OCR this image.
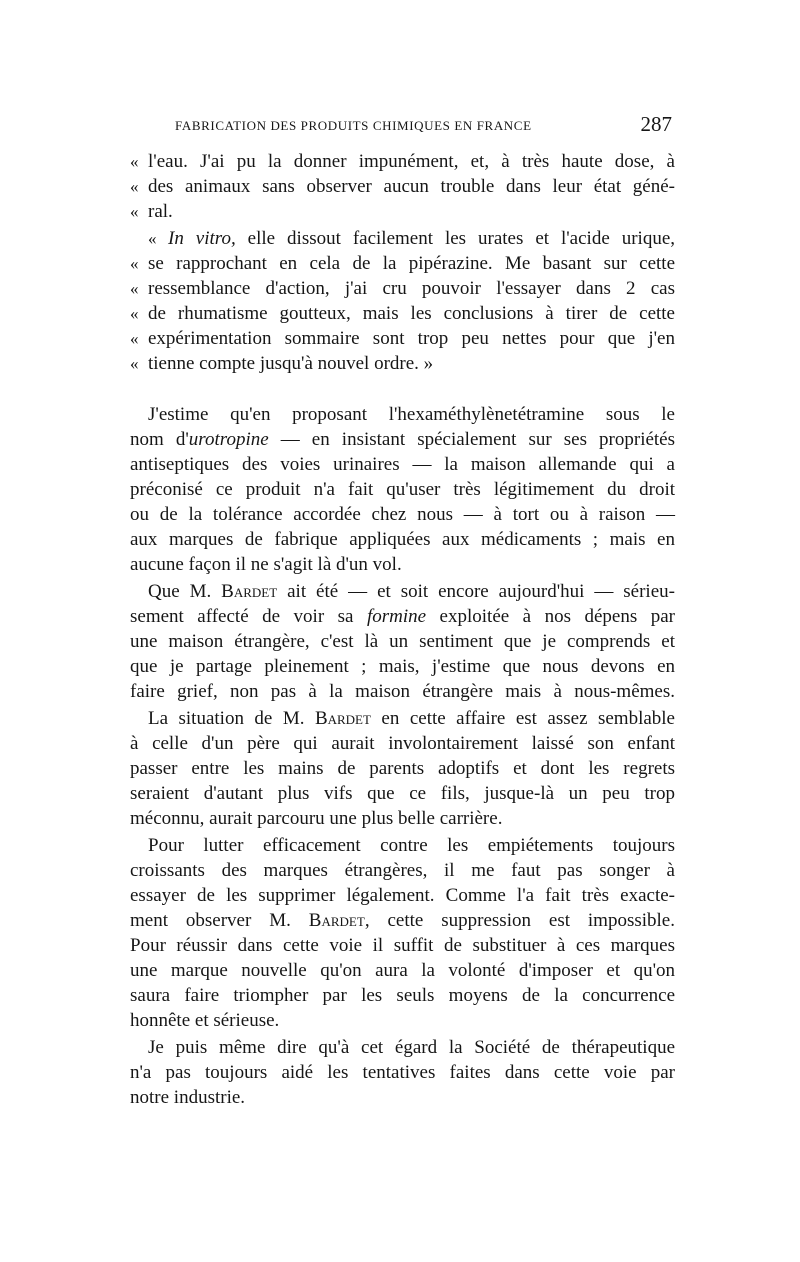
FABRICATION DES PRODUITS CHIMIQUES EN FRANCE	287
« l'eau. J'ai pu la donner impunément, et, à très haute dose, à
« des animaux sans observer aucun trouble dans leur état géné-
« ral.
« In vitro, elle dissout facilement les urates et l'acide urique,
« se rapprochant en cela de la pipérazine. Me basant sur cette
« ressemblance d'action, j'ai cru pouvoir l'essayer dans 2 cas
« de rhumatisme goutteux, mais les conclusions à tirer de cette
« expérimentation sommaire sont trop peu nettes pour que j'en
« tienne compte jusqu'à nouvel ordre. »
J'estime qu'en proposant l'hexaméthylènetétramine sous le
nom d'urotropine — en insistant spécialement sur ses propriétés
antiseptiques des voies urinaires — la maison allemande qui a
préconisé ce produit n'a fait qu'user très légitimement du droit
ou de la tolérance accordée chez nous — à tort ou à raison —
aux marques de fabrique appliquées aux médicaments ; mais en
aucune façon il ne s'agit là d'un vol.
Que M. Bardet ait été — et soit encore aujourd'hui — sérieu-
sement affecté de voir sa formine exploitée à nos dépens par
une maison étrangère, c'est là un sentiment que je comprends et
que je partage pleinement ; mais, j'estime que nous devons en
faire grief, non pas à la maison étrangère mais à nous-mêmes.
La situation de M. Bardet en cette affaire est assez semblable
à celle d'un père qui aurait involontairement laissé son enfant
passer entre les mains de parents adoptifs et dont les regrets
seraient d'autant plus vifs que ce fils, jusque-là un peu trop
méconnu, aurait parcouru une plus belle carrière.
Pour lutter efficacement contre les empiétements toujours
croissants des marques étrangères, il me faut pas songer à
essayer de les supprimer légalement. Comme l'a fait très exacte-
ment observer M. Bardet, cette suppression est impossible.
Pour réussir dans cette voie il suffit de substituer à ces marques
une marque nouvelle qu'on aura la volonté d'imposer et qu'on
saura faire triompher par les seuls moyens de la concurrence
honnête et sérieuse.
Je puis même dire qu'à cet égard la Société de thérapeutique
n'a pas toujours aidé les tentatives faites dans cette voie par
notre industrie.
